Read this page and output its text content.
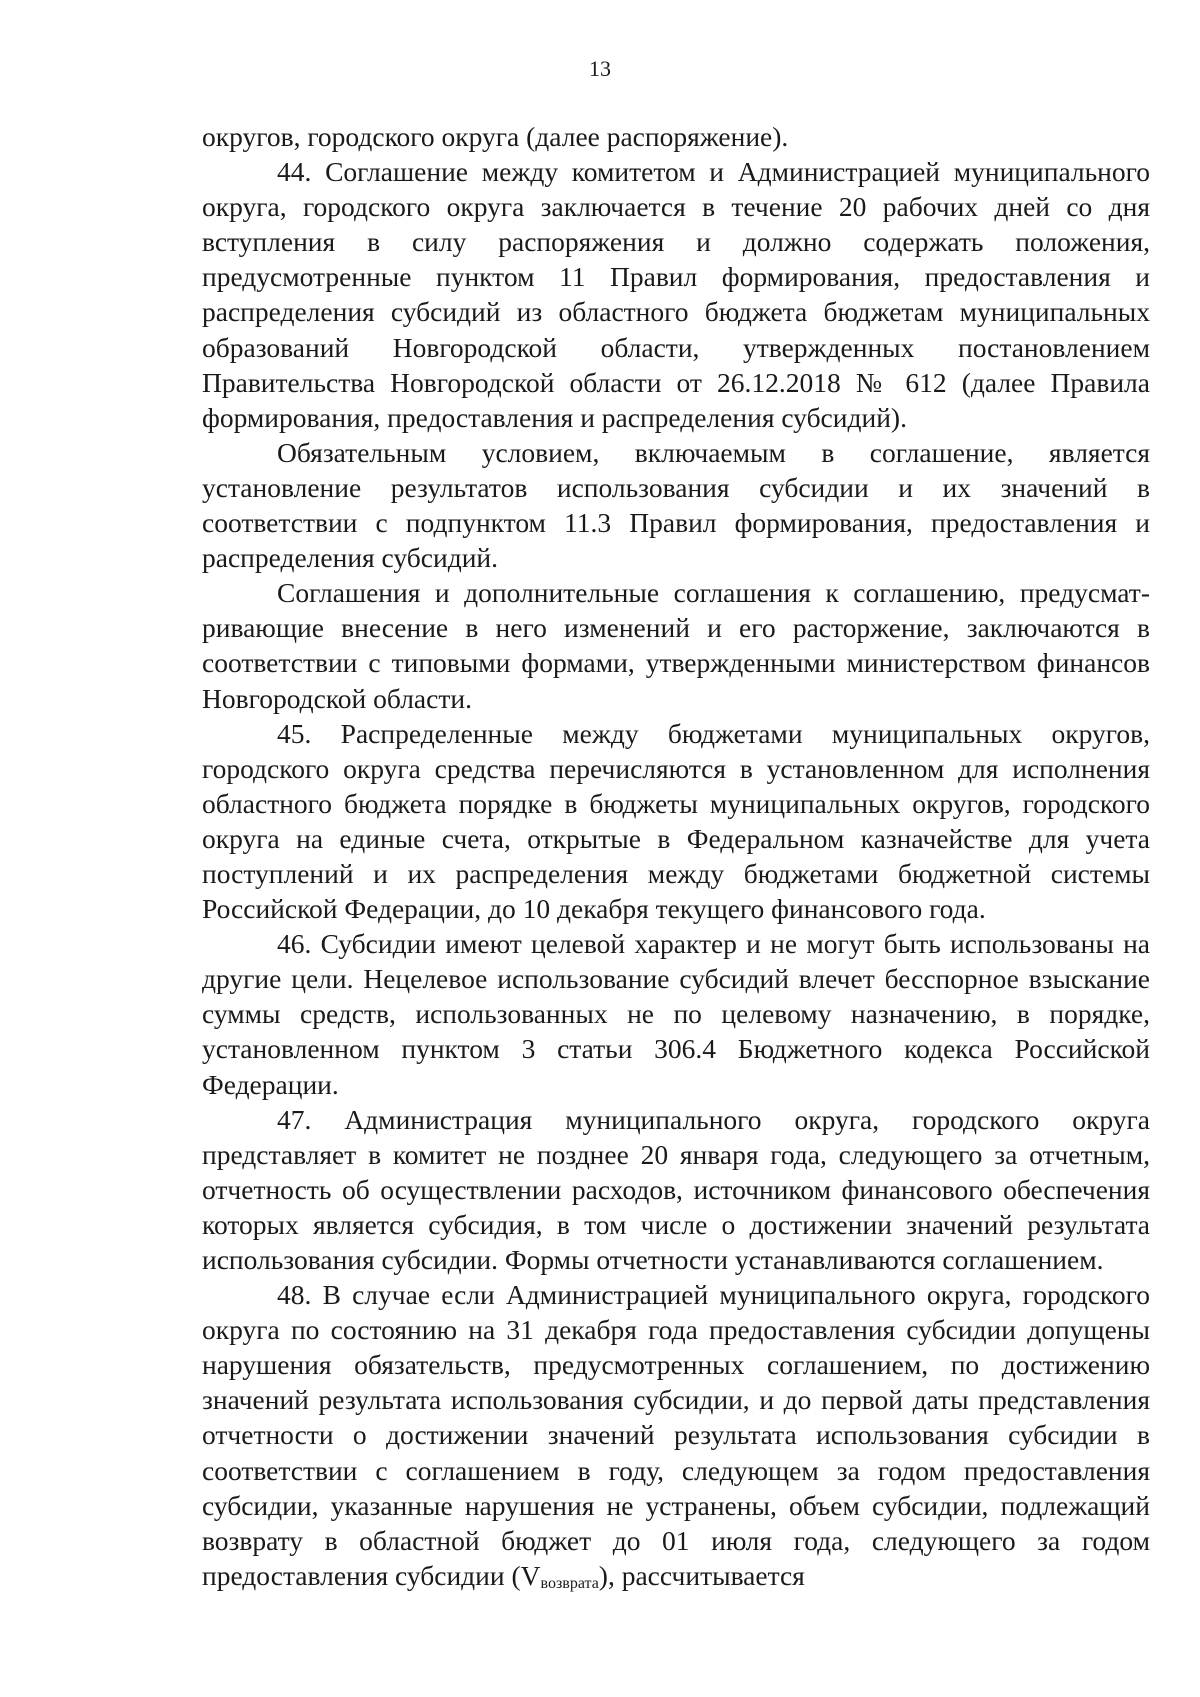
13

округов, городского округа (далее распоряжение).

44. Соглашение между комитетом и Администрацией муниципального округа, городского округа заключается в течение 20 рабочих дней со дня вступления в силу распоряжения и должно содержать положения, предусмотренные пунктом 11 Правил формирования, предоставления и распределения субсидий из областного бюджета бюджетам муниципальных образований Новгородской области, утвержденных постановлением Правительства Новгородской области от 26.12.2018 № 612 (далее Правила формирования, предоставления и распределения субсидий).

Обязательным условием, включаемым в соглашение, является установление результатов использования субсидии и их значений в соответствии с подпунктом 11.3 Правил формирования, предоставления и распределения субсидий.

Соглашения и дополнительные соглашения к соглашению, предусматривающие внесение в него изменений и его расторжение, заключаются в соответствии с типовыми формами, утвержденными министерством финансов Новгородской области.

45. Распределенные между бюджетами муниципальных округов, городского округа средства перечисляются в установленном для исполнения областного бюджета порядке в бюджеты муниципальных округов, городского округа на единые счета, открытые в Федеральном казначействе для учета поступлений и их распределения между бюджетами бюджетной системы Российской Федерации, до 10 декабря текущего финансового года.

46. Субсидии имеют целевой характер и не могут быть использованы на другие цели. Нецелевое использование субсидий влечет бесспорное взыскание суммы средств, использованных не по целевому назначению, в порядке, установленном пунктом 3 статьи 306.4 Бюджетного кодекса Российской Федерации.

47. Администрация муниципального округа, городского округа представляет в комитет не позднее 20 января года, следующего за отчетным, отчетность об осуществлении расходов, источником финансового обеспечения которых является субсидия, в том числе о достижении значений результата использования субсидии. Формы отчетности устанавливаются соглашением.

48. В случае если Администрацией муниципального округа, городского округа по состоянию на 31 декабря года предоставления субсидии допущены нарушения обязательств, предусмотренных соглашением, по достижению значений результата использования субсидии, и до первой даты представления отчетности о достижении значений результата использования субсидии в соответствии с соглашением в году, следующем за годом предоставления субсидии, указанные нарушения не устранены, объем субсидии, подлежащий возврату в областной бюджет до 01 июля года, следующего за годом предоставления субсидии $(V_{возврата})$, рассчитывается
